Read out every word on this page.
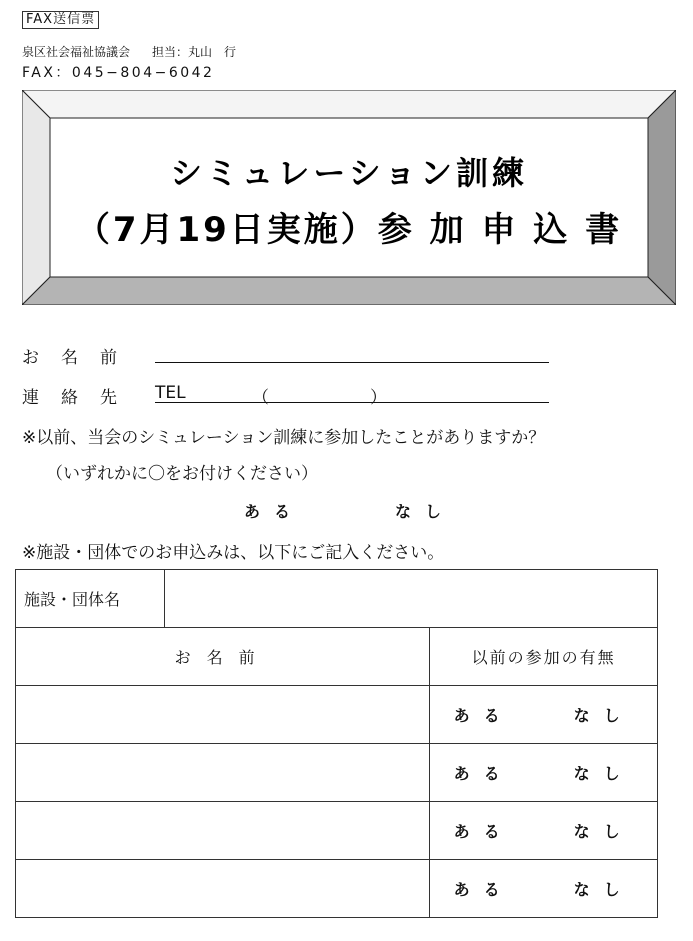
FAX送信票
泉区社会福祉協議会 担当：丸山　行
FAX：045−804−6042
シミュレーション訓練
（7月19日実施）参 加 申 込 書
お名前
連絡先 TEL	（	）
※以前、当会のシミュレーション訓練に参加したことがありますか？
（いずれかに〇をお付けください）
ある	なし
※施設・団体でのお申込みは、以下にご記入ください。
施設・団体名		
お名前		以前の参加の有無
		ある なし
		ある なし
		ある なし
		ある なし
